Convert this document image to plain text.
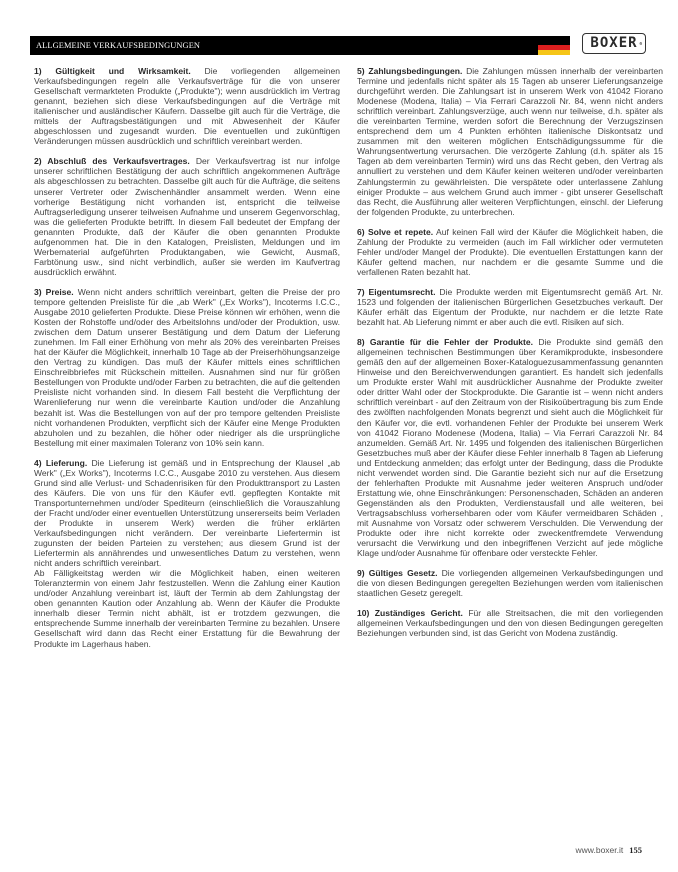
ALLGEMEINE VERKAUFSBEDINGUNGEN	BOXER ®

1) Gültigkeit und Wirksamkeit. Die vorliegenden allgemeinen Verkaufsbedingungen regeln alle Verkaufsverträge für die von unserer Gesellschaft vermarkteten Produkte („Produkte"); wenn ausdrücklich im Vertrag genannt, beziehen sich diese Verkaufsbedingungen auf die Verträge mit italienischer und ausländischer Käufern. Dasselbe gilt auch für die Verträge, die mittels der Auftragsbestätigungen und mit Abwesenheit der Käufer abgeschlossen und zugesandt wurden. Die eventuellen und zukünftigen Veränderungen müssen ausdrücklich und schriftlich vereinbart werden.

2) Abschluß des Verkaufsvertrages. Der Verkaufsvertrag ist nur infolge unserer schriftlichen Bestätigung der auch schriftlich angekommenen Aufträge als abgeschlossen zu betrachten. Dasselbe gilt auch für die Aufträge, die seitens unserer Vertreter oder Zwischenhändler ansammelt werden. Wenn eine vorherige Bestätigung nicht vorhanden ist, entspricht die teilweise Auftragserledigung unserer teilweisen Aufnahme und unserem Gegenvorschlag, was die gelieferten Produkte betrifft. In diesem Fall bedeutet der Empfang der genannten Produkte, daß der Käufer die oben genannten Produkte aufgenommen hat. Die in den Katalogen, Preislisten, Meldungen und im Werbematerial aufgeführten Produktangaben, wie Gewicht, Ausmaß, Farbtönung usw., sind nicht verbindlich, außer sie werden im Kaufvertrag ausdrücklich erwähnt.

3) Preise. Wenn nicht anders schriftlich vereinbart, gelten die Preise der pro tempore geltenden Preisliste für die „ab Werk" („Ex Works"), Incoterms I.C.C., Ausgabe 2010 gelieferten Produkte. Diese Preise können wir erhöhen, wenn die Kosten der Rohstoffe und/oder des Arbeitslohns und/oder der Produktion, usw. zwischen dem Datum unserer Bestätigung und dem Datum der Lieferung zunehmen. Im Fall einer Erhöhung von mehr als 20% des vereinbarten Preises hat der Käufer die Möglichkeit, innerhalb 10 Tage ab der Preiserhöhungsanzeige den Vertrag zu kündigen. Das muß der Käufer mittels eines schriftlichen Einschreibbriefes mit Rückschein mitteilen. Ausnahmen sind nur für größen Bestellungen von Produkte und/oder Farben zu betrachten, die auf die geltenden Preisliste nicht vorhanden sind. In diesem Fall besteht die Verpflichtung der Warenlieferung nur wenn die vereinbarte Kaution und/oder die Anzahlung bezahlt ist. Was die Bestellungen von auf der pro tempore geltenden Preisliste nicht vorhandenen Produkten, verpflicht sich der Käufer eine Menge Produkten abzuholen und zu bezahlen, die höher oder niedriger als die ursprüngliche Bestellung mit einer maximalen Toleranz von 10% sein kann.

4) Lieferung. Die Lieferung ist gemäß und in Entsprechung der Klausel „ab Werk" („Ex Works"), Incoterms I.C.C., Ausgabe 2010 zu verstehen. Aus diesem Grund sind alle Verlust- und Schadenrisiken für den Produkttransport zu Lasten des Käufers. Die von uns für den Käufer evtl. gepflegten Kontakte mit Transportunternehmen und/oder Spediteurn (einschließlich die Vorauszahlung der Fracht und/oder einer eventuellen Unterstützung unsererseits beim Verladen der Produkte in unserem Werk) werden die früher erklärten Verkaufsbedingungen nicht verändern. Der vereinbarte Liefertermin ist zugunsten der beiden Parteien zu verstehen; aus diesem Grund ist der Liefertermin als annährendes und unwesentliches Datum zu verstehen, wenn nicht anders schriftlich vereinbart.
Ab Fälligkeitstag werden wir die Möglichkeit haben, einen weiteren Toleranztermin von einem Jahr festzustellen. Wenn die Zahlung einer Kaution und/oder Anzahlung vereinbart ist, läuft der Termin ab dem Zahlungstag der oben genannten Kaution oder Anzahlung ab. Wenn der Käufer die Produkte innerhalb dieser Termin nicht abhält, ist er trotzdem gezwungen, die entsprechende Summe innerhalb der vereinbarten Termine zu bezahlen. Unsere Gesellschaft wird dann das Recht einer Erstattung für die Bewahrung der Produkte im Lagerhaus haben.

5) Zahlungsbedingungen. Die Zahlungen müssen innerhalb der vereinbarten Termine und jedenfalls nicht später als 15 Tagen ab unserer Lieferungsanzeige durchgeführt werden. Die Zahlungsart ist in unserem Werk von 41042 Fiorano Modenese (Modena, Italia) – Via Ferrari Carazzoli Nr. 84, wenn nicht anders schriftlich vereinbart. Zahlungsverzüge, auch wenn nur teilweise, d.h. später als die vereinbarten Termine, werden sofort die Berechnung der Verzugszinsen entsprechend dem um 4 Punkten erhöhten italienische Diskontsatz und zusammen mit den weiteren möglichen Entschädigungssumme für die Wahrungsentwertung verursachen. Die verzögerte Zahlung (d.h. später als 15 Tagen ab dem vereinbarten Termin) wird uns das Recht geben, den Vertrag als annulliert zu verstehen und dem Käufer keinen weiteren und/oder vereinbarten Zahlungstermin zu gewährleisten. Die verspätete oder unterlassene Zahlung einiger Produkte – aus welchem Grund auch immer - gibt unserer Gesellschaft das Recht, die Ausführung aller weiteren Verpflichtungen, einschl. der Lieferung der folgenden Produkte, zu unterbrechen.

6) Solve et repete. Auf keinen Fall wird der Käufer die Möglichkeit haben, die Zahlung der Produkte zu vermeiden (auch im Fall wirklicher oder vermuteten Fehler und/oder Mangel der Produkte). Die eventuellen Erstattungen kann der Käufer geltend machen, nur nachdem er die gesamte Summe und die verfallenen Raten bezahlt hat.

7) Eigentumsrecht. Die Produkte werden mit Eigentumsrecht gemäß Art. Nr. 1523 und folgenden der italienischen Bürgerlichen Gesetzbuches verkauft. Der Käufer erhält das Eigentum der Produkte, nur nachdem er die letzte Rate bezahlt hat. Ab Lieferung nimmt er aber auch die evtl. Risiken auf sich.

8) Garantie für die Fehler der Produkte. Die Produkte sind gemäß den allgemeinen technischen Bestimmungen über Keramikprodukte, insbesondere gemäß den auf der allgemeinen Boxer-Kataloguezusammenfassung genannten Hinweise und den Bereichverwendungen garantiert. Es handelt sich jedenfalls um Produkte erster Wahl mit ausdrücklicher Ausnahme der Produkte zweiter oder dritter Wahl oder der Stockprodukte. Die Garantie ist – wenn nicht anders schriftlich vereinbart - auf den Zeitraum von der Risikoübertragung bis zum Ende des zwölften nachfolgenden Monats begrenzt und sieht auch die Möglichkeit für den Käufer vor, die evtl. vorhandenen Fehler der Produkte bei unserem Werk von 41042 Fiorano Modenese (Modena, Italia) – Via Ferrari Carazzoli Nr. 84 anzumelden. Gemäß Art. Nr. 1495 und folgenden des italienischen Bürgerlichen Gesetzbuches muß aber der Käufer diese Fehler innerhalb 8 Tagen ab Lieferung und Entdeckung anmelden; das erfolgt unter der Bedingung, dass die Produkte nicht verwendet worden sind. Die Garantie bezieht sich nur auf die Ersetzung der fehlerhaften Produkte mit Ausnahme jeder weiteren Anspruch und/oder Erstattung wie, ohne Einschränkungen: Personenschaden, Schäden an anderen Gegenständen als den Produkten, Verdienstausfall und alle weiteren, bei Vertragsabschluss vorhersehbaren oder vom Käufer vermeidbaren Schäden , mit Ausnahme von Vorsatz oder schwerem Verschulden. Die Verwendung der Produkte oder ihre nicht korrekte oder zweckentfremdete Verwendung verursacht die Verwirkung und den inbegriffenen Verzicht auf jede mögliche Klage und/oder Ausnahme für offenbare oder versteckte Fehler.

9) Gültiges Gesetz. Die vorliegenden allgemeinen Verkaufsbedingungen und die von diesen Bedingungen geregelten Beziehungen werden vom italienischen staatlichen Gesetz geregelt.

10) Zuständiges Gericht. Für alle Streitsachen, die mit den vorliegenden allgemeinen Verkaufsbedingungen und den von diesen Bedingungen geregelten Beziehungen verbunden sind, ist das Gericht von Modena zuständig.

www.boxer.it 155
